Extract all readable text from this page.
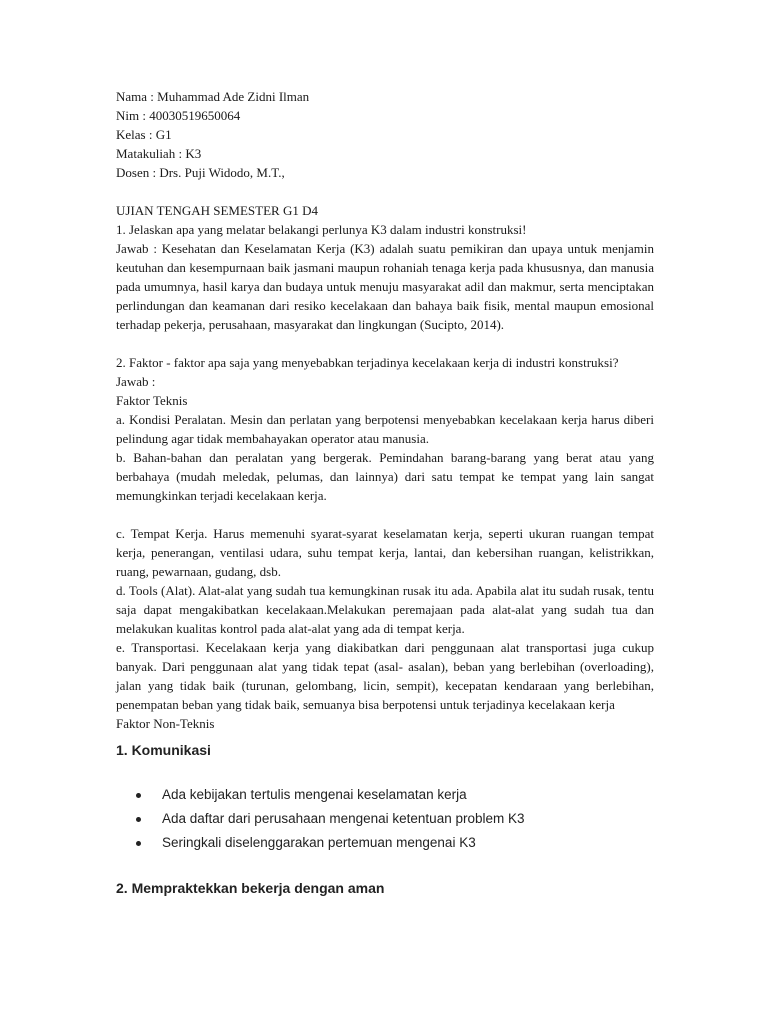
Nama : Muhammad Ade Zidni Ilman
Nim : 40030519650064
Kelas : G1
Matakuliah : K3
Dosen : Drs. Puji Widodo, M.T.,
UJIAN TENGAH SEMESTER G1 D4
1. Jelaskan apa yang melatar belakangi perlunya K3 dalam industri konstruksi!
Jawab : Kesehatan dan Keselamatan Kerja (K3) adalah suatu pemikiran dan upaya untuk menjamin keutuhan dan kesempurnaan baik jasmani maupun rohaniah tenaga kerja pada khususnya, dan manusia pada umumnya, hasil karya dan budaya untuk menuju masyarakat adil dan makmur, serta menciptakan perlindungan dan keamanan dari resiko kecelakaan dan bahaya baik fisik, mental maupun emosional terhadap pekerja, perusahaan, masyarakat dan lingkungan (Sucipto, 2014).
2. Faktor - faktor apa saja yang menyebabkan terjadinya kecelakaan kerja di industri konstruksi?
Jawab :
Faktor Teknis
a. Kondisi Peralatan. Mesin dan perlatan yang berpotensi menyebabkan kecelakaan kerja harus diberi pelindung agar tidak membahayakan operator atau manusia.
b. Bahan-bahan dan peralatan yang bergerak. Pemindahan barang-barang yang berat atau yang berbahaya (mudah meledak, pelumas, dan lainnya) dari satu tempat ke tempat yang lain sangat memungkinkan terjadi kecelakaan kerja.
c. Tempat Kerja. Harus memenuhi syarat-syarat keselamatan kerja, seperti ukuran ruangan tempat kerja, penerangan, ventilasi udara, suhu tempat kerja, lantai, dan kebersihan ruangan, kelistrikkan, ruang, pewarnaan, gudang, dsb.
d. Tools (Alat). Alat-alat yang sudah tua kemungkinan rusak itu ada. Apabila alat itu sudah rusak, tentu saja dapat mengakibatkan kecelakaan.Melakukan peremajaan pada alat-alat yang sudah tua dan melakukan kualitas kontrol pada alat-alat yang ada di tempat kerja.
e. Transportasi. Kecelakaan kerja yang diakibatkan dari penggunaan alat transportasi juga cukup banyak. Dari penggunaan alat yang tidak tepat (asal- asalan), beban yang berlebihan (overloading), jalan yang tidak baik (turunan, gelombang, licin, sempit), kecepatan kendaraan yang berlebihan, penempatan beban yang tidak baik, semuanya bisa berpotensi untuk terjadinya kecelakaan kerja
Faktor Non-Teknis
1. Komunikasi
Ada kebijakan tertulis mengenai keselamatan kerja
Ada daftar dari perusahaan mengenai ketentuan problem K3
Seringkali diselenggarakan pertemuan mengenai K3
2. Mempraktekkan bekerja dengan aman
